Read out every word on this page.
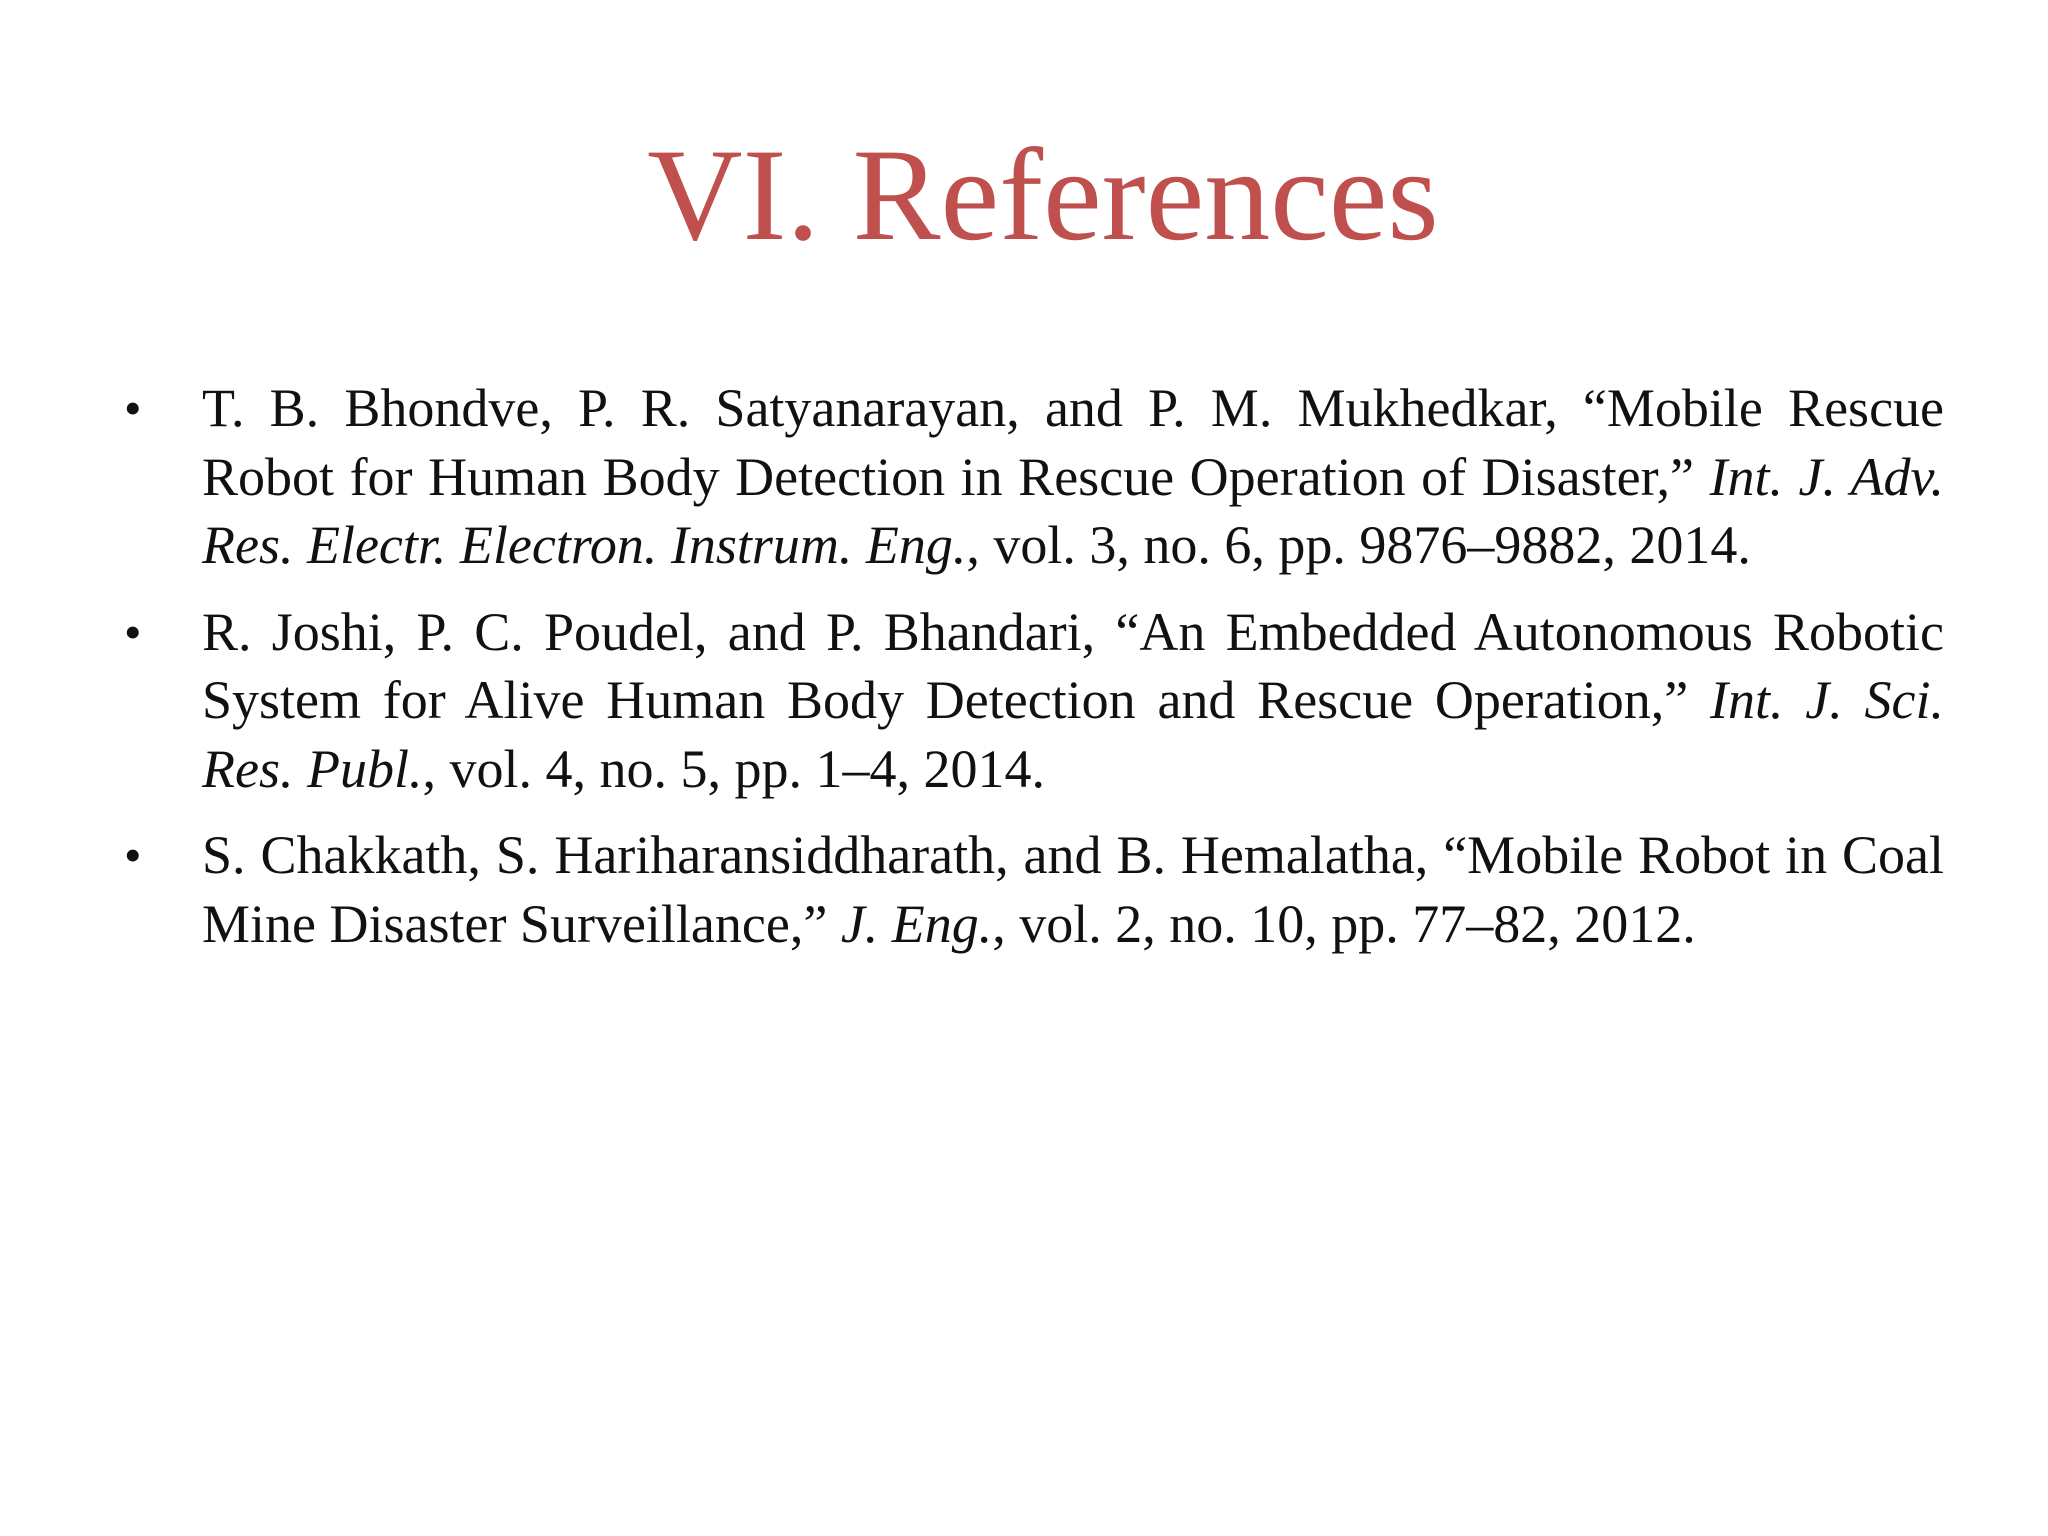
VI. References
• T. B. Bhondve, P. R. Satyanarayan, and P. M. Mukhedkar, “Mobile Rescue Robot for Human Body Detection in Rescue Operation of Disaster,” Int. J. Adv. Res. Electr. Electron. Instrum. Eng., vol. 3, no. 6, pp. 9876–9882, 2014.
• R. Joshi, P. C. Poudel, and P. Bhandari, “An Embedded Autonomous Robotic System for Alive Human Body Detection and Rescue Operation,” Int. J. Sci. Res. Publ., vol. 4, no. 5, pp. 1–4, 2014.
• S. Chakkath, S. Hariharansiddharath, and B. Hemalatha, “Mobile Robot in Coal Mine Disaster Surveillance,” J. Eng., vol. 2, no. 10, pp. 77–82, 2012.
